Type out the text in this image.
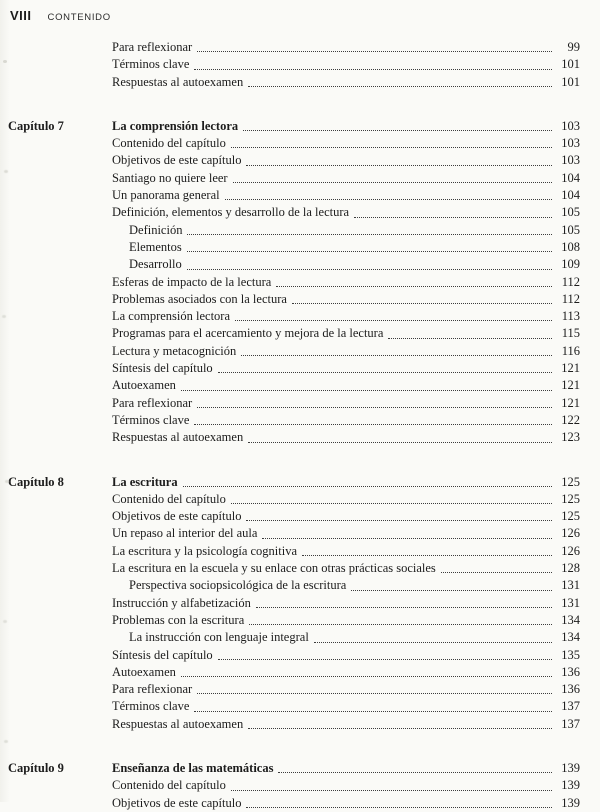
VIII CONTENIDO
Para reflexionar	99
Términos clave	101
Respuestas al autoexamen	101
Capítulo 7	La comprensión lectora	103
Contenido del capítulo	103
Objetivos de este capítulo	103
Santiago no quiere leer	104
Un panorama general	104
Definición, elementos y desarrollo de la lectura	105
Definición	105
Elementos	108
Desarrollo	109
Esferas de impacto de la lectura	112
Problemas asociados con la lectura	112
La comprensión lectora	113
Programas para el acercamiento y mejora de la lectura	115
Lectura y metacognición	116
Síntesis del capítulo	121
Autoexamen	121
Para reflexionar	121
Términos clave	122
Respuestas al autoexamen	123
Capítulo 8	La escritura	125
Contenido del capítulo	125
Objetivos de este capítulo	125
Un repaso al interior del aula	126
La escritura y la psicología cognitiva	126
La escritura en la escuela y su enlace con otras prácticas sociales	128
Perspectiva sociopsicológica de la escritura	131
Instrucción y alfabetización	131
Problemas con la escritura	134
La instrucción con lenguaje integral	134
Síntesis del capítulo	135
Autoexamen	136
Para reflexionar	136
Términos clave	137
Respuestas al autoexamen	137
Capítulo 9	Enseñanza de las matemáticas	139
Contenido del capítulo	139
Objetivos de este capítulo	139
